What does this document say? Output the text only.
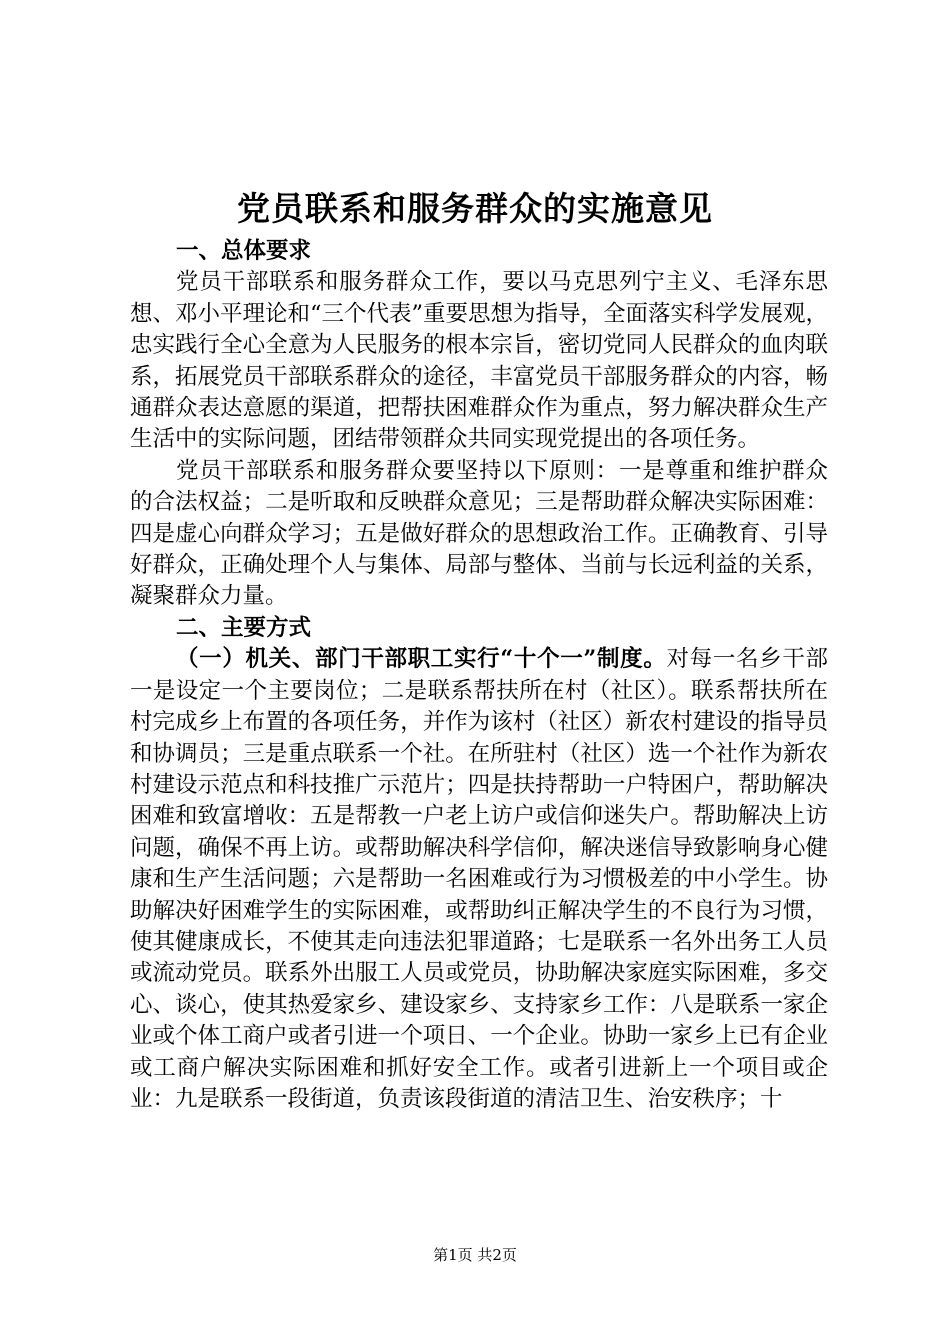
党员联系和服务群众的实施意见

一、总体要求

党员干部联系和服务群众工作，要以马克思列宁主义、毛泽东思想、邓小平理论和“三个代表”重要思想为指导，全面落实科学发展观，忠实践行全心全意为人民服务的根本宗旨，密切党同人民群众的血肉联系，拓展党员干部联系群众的途径，丰富党员干部服务群众的内容，畅通群众表达意愿的渠道，把帮扶困难群众作为重点，努力解决群众生产生活中的实际问题，团结带领群众共同实现党提出的各项任务。

党员干部联系和服务群众要坚持以下原则：一是尊重和维护群众的合法权益；二是听取和反映群众意见；三是帮助群众解决实际困难：四是虚心向群众学习；五是做好群众的思想政治工作。正确教育、引导好群众，正确处理个人与集体、局部与整体、当前与长远利益的关系，凝聚群众力量。

二、主要方式

（一）机关、部门干部职工实行“十个一”制度。对每一名乡干部一是设定一个主要岗位；二是联系帮扶所在村（社区）。联系帮扶所在村完成乡上布置的各项任务，并作为该村（社区）新农村建设的指导员和协调员；三是重点联系一个社。在所驻村（社区）选一个社作为新农村建设示范点和科技推广示范片；四是扶持帮助一户特困户，帮助解决困难和致富增收：五是帮教一户老上访户或信仰迷失户。帮助解决上访问题，确保不再上访。或帮助解决科学信仰，解决迷信导致影响身心健康和生产生活问题；六是帮助一名困难或行为习惯极差的中小学生。协助解决好困难学生的实际困难，或帮助纠正解决学生的不良行为习惯，使其健康成长，不使其走向违法犯罪道路；七是联系一名外出务工人员或流动党员。联系外出服工人员或党员，协助解决家庭实际困难，多交心、谈心，使其热爱家乡、建设家乡、支持家乡工作：八是联系一家企业或个体工商户或者引进一个项日、一个企业。协助一家乡上已有企业或工商户解决实际困难和抓好安全工作。或者引进新上一个项目或企业：九是联系一段街道，负责该段街道的清洁卫生、治安秩序；十

第1页 共2页
